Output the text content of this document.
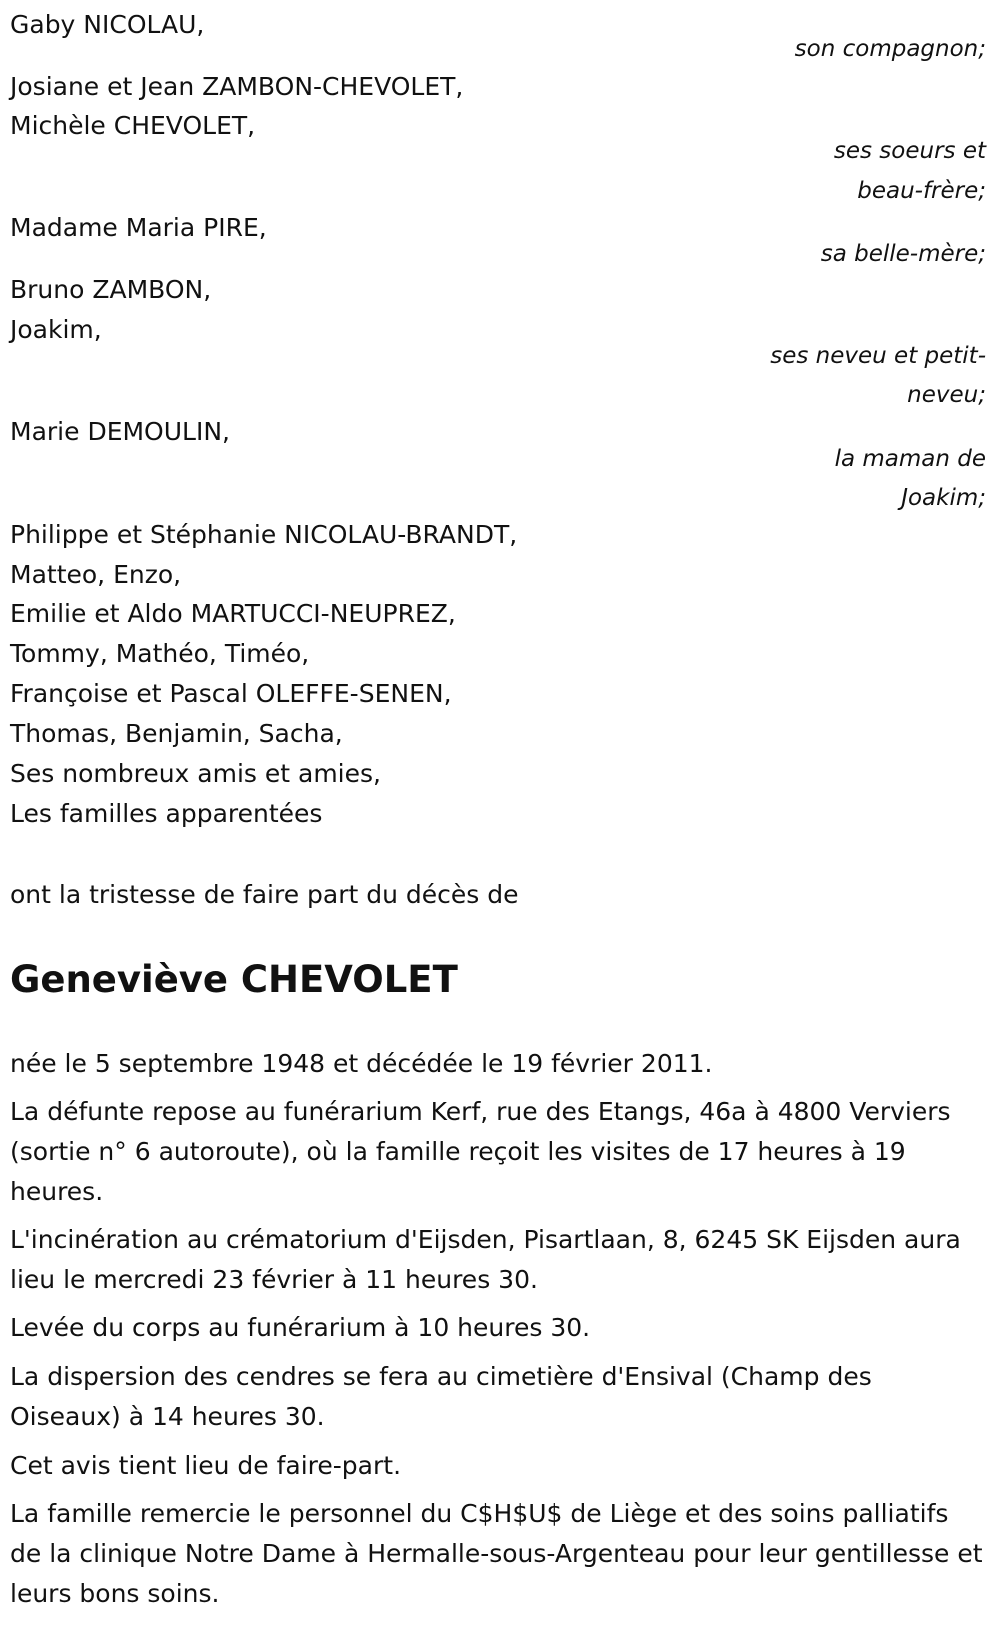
Gaby NICOLAU,
Josiane et Jean ZAMBON-CHEVOLET,
Michèle CHEVOLET,
Madame Maria PIRE,
Bruno ZAMBON,
Joakim,
Marie DEMOULIN,
Philippe et Stéphanie NICOLAU-BRANDT,
Matteo, Enzo,
Emilie et Aldo MARTUCCI-NEUPREZ,
Tommy, Mathéo, Timéo,
Françoise et Pascal OLEFFE-SENEN,
Thomas, Benjamin, Sacha,
Ses nombreux amis et amies,
Les familles apparentées
son compagnon;
ses soeurs et
beau-frère;
sa belle-mère;
ses neveu et petit-
neveu;
la maman de
Joakim;
ont la tristesse de faire part du décès de
Geneviève CHEVOLET
née le 5 septembre 1948 et décédée le 19 février 2011.
La défunte repose au funérarium Kerf, rue des Etangs, 46a à 4800 Verviers (sortie n° 6 autoroute), où la famille reçoit les visites de 17 heures à 19 heures.
L'incinération au crématorium d'Eijsden, Pisartlaan, 8, 6245 SK Eijsden aura lieu le mercredi 23 février à 11 heures 30.
Levée du corps au funérarium à 10 heures 30.
La dispersion des cendres se fera au cimetière d'Ensival (Champ des Oiseaux) à 14 heures 30.
Cet avis tient lieu de faire-part.
La famille remercie le personnel du C$H$U$ de Liège et des soins palliatifs de la clinique Notre Dame à Hermalle-sous-Argenteau pour leur gentillesse et leurs bons soins.
